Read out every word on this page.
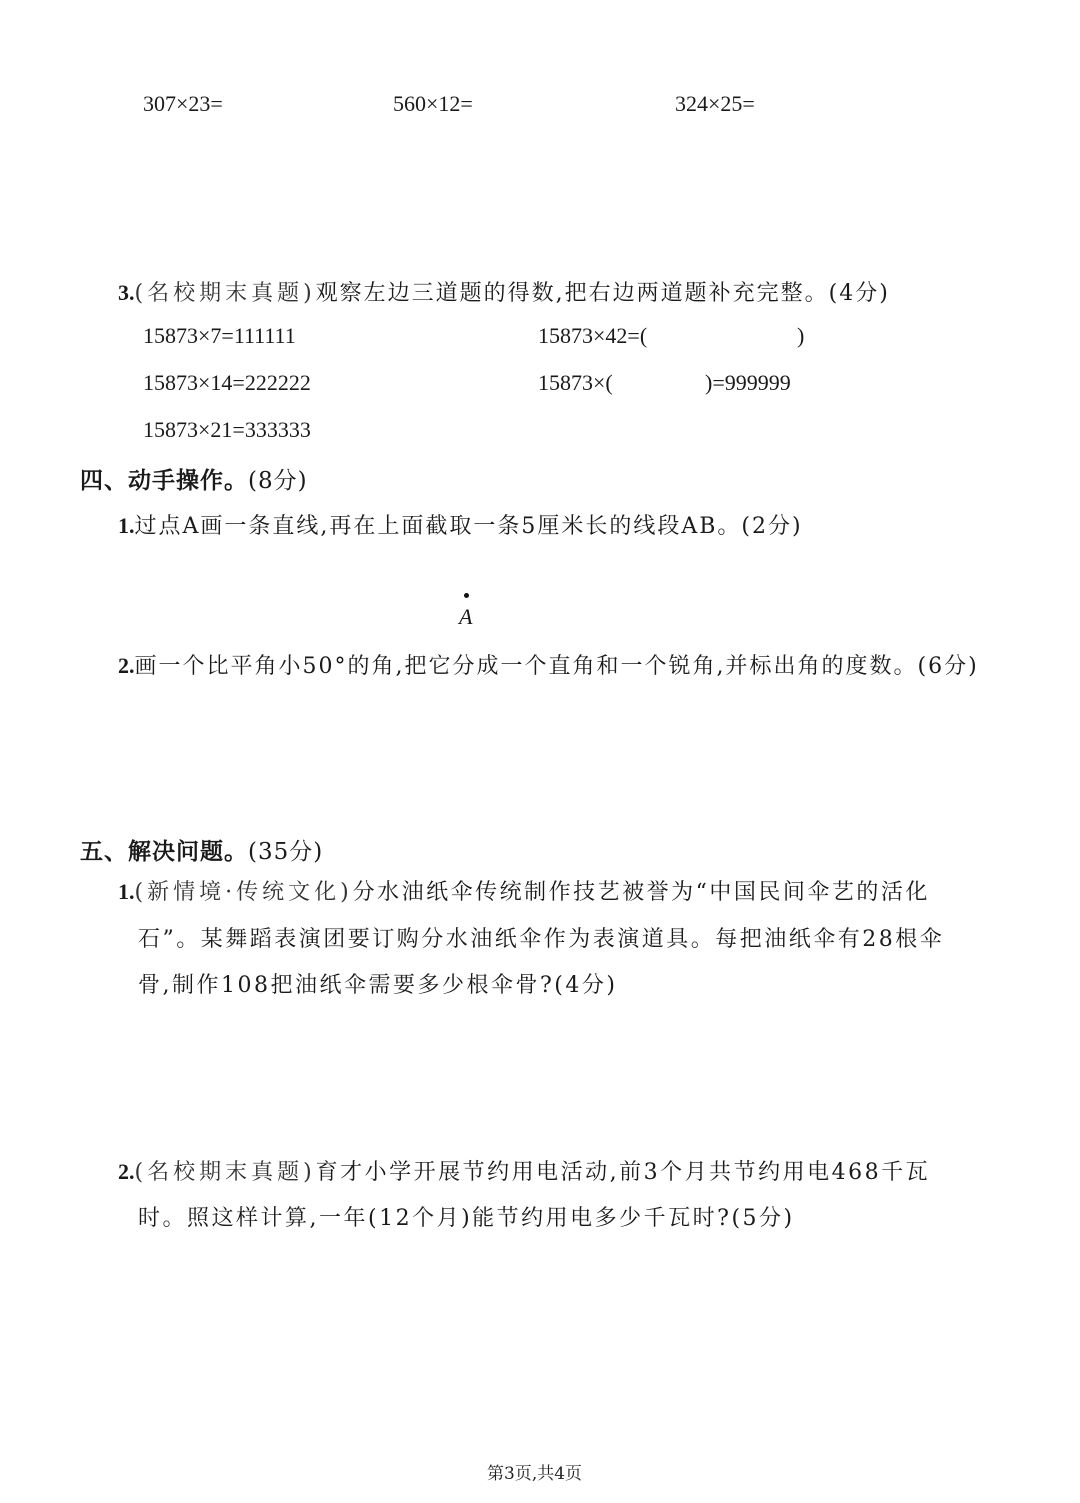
307×23=	560×12=	324×25=
3.(名校期末真题)观察左边三道题的得数,把右边两道题补充完整。(4分)
15873×7=111111
15873×14=222222
15873×21=333333
15873×42=(	)
15873×(	)=999999
四、动手操作。(8分)
1.过点A画一条直线,再在上面截取一条5厘米长的线段AB。(2分)
A
2.画一个比平角小50°的角,把它分成一个直角和一个锐角,并标出角的度数。(6分)
五、解决问题。(35分)
1.(新情境·传统文化)分水油纸伞传统制作技艺被誉为“中国民间伞艺的活化
石”。某舞蹈表演团要订购分水油纸伞作为表演道具。每把油纸伞有28根伞
骨,制作108把油纸伞需要多少根伞骨?(4分)
2.(名校期末真题)育才小学开展节约用电活动,前3个月共节约用电468千瓦
时。照这样计算,一年(12个月)能节约用电多少千瓦时?(5分)
第3页,共4页
